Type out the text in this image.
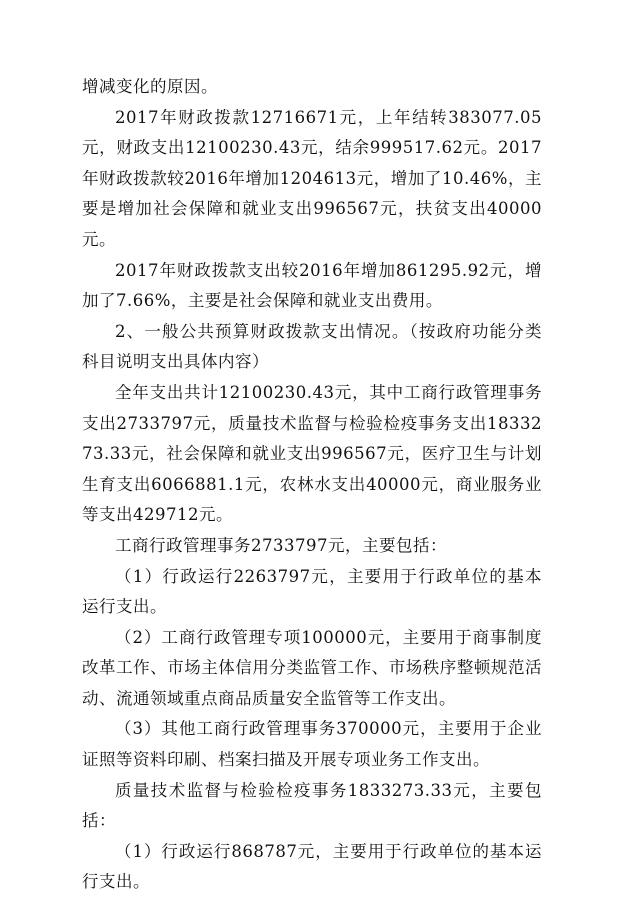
增减变化的原因。

2017年财政拨款12716671元，上年结转383077.05元，财政支出12100230.43元，结余999517.62元。2017年财政拨款较2016年增加1204613元，增加了10.46%，主要是增加社会保障和就业支出996567元，扶贫支出40000元。

2017年财政拨款支出较2016年增加861295.92元，增加了7.66%，主要是社会保障和就业支出费用。

2、一般公共预算财政拨款支出情况。（按政府功能分类科目说明支出具体内容）

全年支出共计12100230.43元，其中工商行政管理事务支出2733797元，质量技术监督与检验检疫事务支出1833273.33元，社会保障和就业支出996567元，医疗卫生与计划生育支出6066881.1元，农林水支出40000元，商业服务业等支出429712元。

工商行政管理事务2733797元，主要包括：

（1）行政运行2263797元，主要用于行政单位的基本运行支出。

（2）工商行政管理专项100000元，主要用于商事制度改革工作、市场主体信用分类监管工作、市场秩序整顿规范活动、流通领域重点商品质量安全监管等工作支出。

（3）其他工商行政管理事务370000元，主要用于企业证照等资料印刷、档案扫描及开展专项业务工作支出。

质量技术监督与检验检疫事务1833273.33元，主要包括：

（1）行政运行868787元，主要用于行政单位的基本运行支出。
